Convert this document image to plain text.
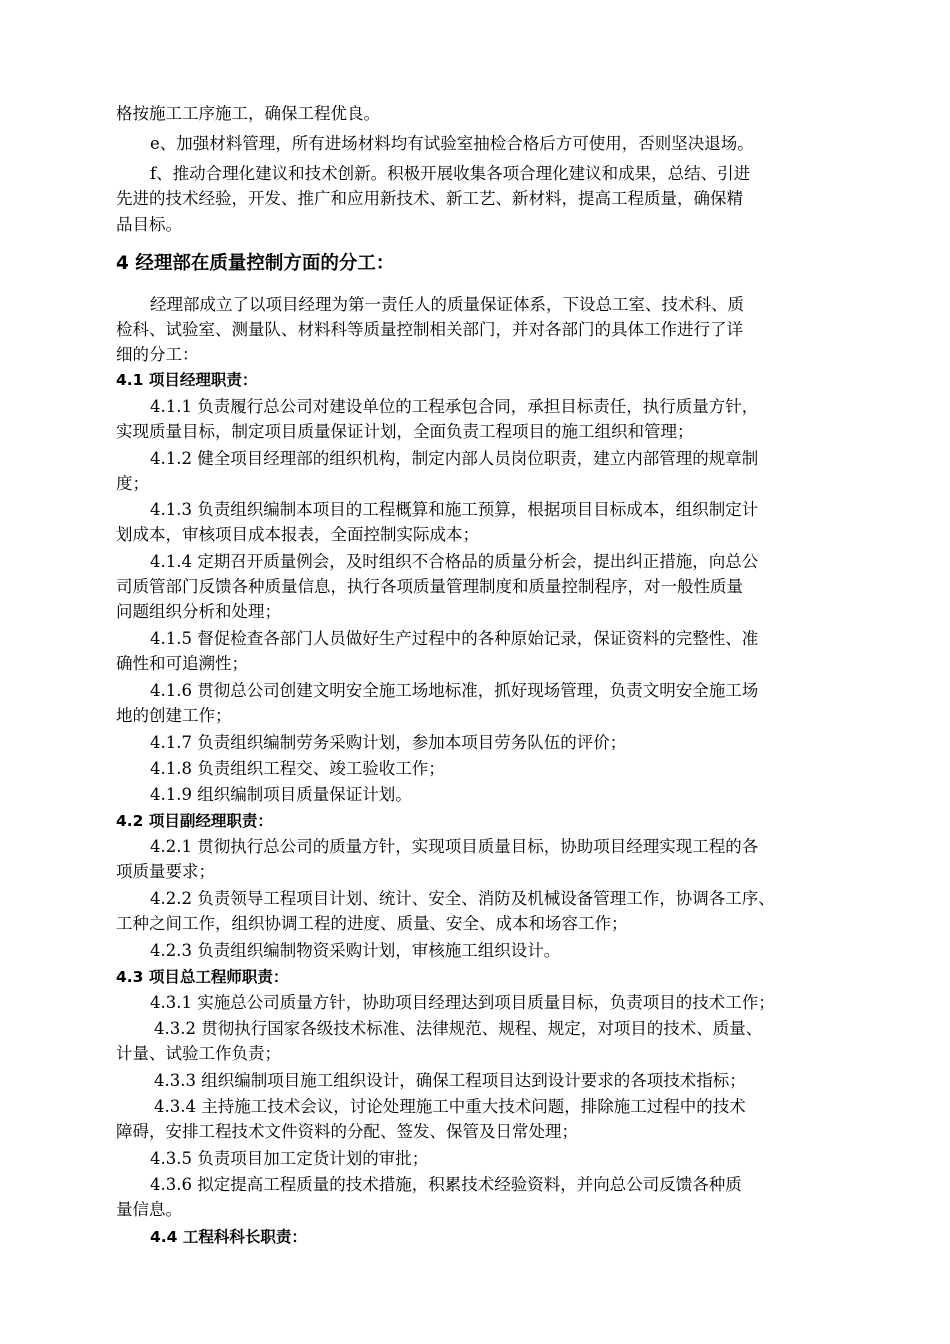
格按施工工序施工，确保工程优良。
e、加强材料管理，所有进场材料均有试验室抽检合格后方可使用，否则坚决退场。
f、推动合理化建议和技术创新。积极开展收集各项合理化建议和成果，总结、引进
先进的技术经验，开发、推广和应用新技术、新工艺、新材料，提高工程质量，确保精
品目标。
4 经理部在质量控制方面的分工：
经理部成立了以项目经理为第一责任人的质量保证体系，下设总工室、技术科、质
检科、试验室、测量队、材料科等质量控制相关部门，并对各部门的具体工作进行了详
细的分工：
4.1 项目经理职责：
4.1.1 负责履行总公司对建设单位的工程承包合同，承担目标责任，执行质量方针，
实现质量目标，制定项目质量保证计划，全面负责工程项目的施工组织和管理；
4.1.2 健全项目经理部的组织机构，制定内部人员岗位职责，建立内部管理的规章制
度；
4.1.3 负责组织编制本项目的工程概算和施工预算，根据项目目标成本，组织制定计
划成本，审核项目成本报表，全面控制实际成本；
4.1.4 定期召开质量例会，及时组织不合格品的质量分析会，提出纠正措施，向总公
司质管部门反馈各种质量信息，执行各项质量管理制度和质量控制程序，对一般性质量
问题组织分析和处理；
4.1.5 督促检查各部门人员做好生产过程中的各种原始记录，保证资料的完整性、准
确性和可追溯性；
4.1.6 贯彻总公司创建文明安全施工场地标准，抓好现场管理，负责文明安全施工场
地的创建工作；
4.1.7 负责组织编制劳务采购计划，参加本项目劳务队伍的评价；
4.1.8 负责组织工程交、竣工验收工作；
4.1.9 组织编制项目质量保证计划。
4.2 项目副经理职责：
4.2.1 贯彻执行总公司的质量方针，实现项目质量目标，协助项目经理实现工程的各
项质量要求；
4.2.2 负责领导工程项目计划、统计、安全、消防及机械设备管理工作，协调各工序、
工种之间工作，组织协调工程的进度、质量、安全、成本和场容工作；
4.2.3 负责组织编制物资采购计划，审核施工组织设计。
4.3 项目总工程师职责：
4.3.1 实施总公司质量方针，协助项目经理达到项目质量目标，负责项目的技术工作；
4.3.2 贯彻执行国家各级技术标准、法律规范、规程、规定，对项目的技术、质量、
计量、试验工作负责；
4.3.3 组织编制项目施工组织设计，确保工程项目达到设计要求的各项技术指标；
4.3.4 主持施工技术会议，讨论处理施工中重大技术问题，排除施工过程中的技术
障碍，安排工程技术文件资料的分配、签发、保管及日常处理；
4.3.5 负责项目加工定货计划的审批；
4.3.6 拟定提高工程质量的技术措施，积累技术经验资料，并向总公司反馈各种质
量信息。
4.4 工程科科长职责：
